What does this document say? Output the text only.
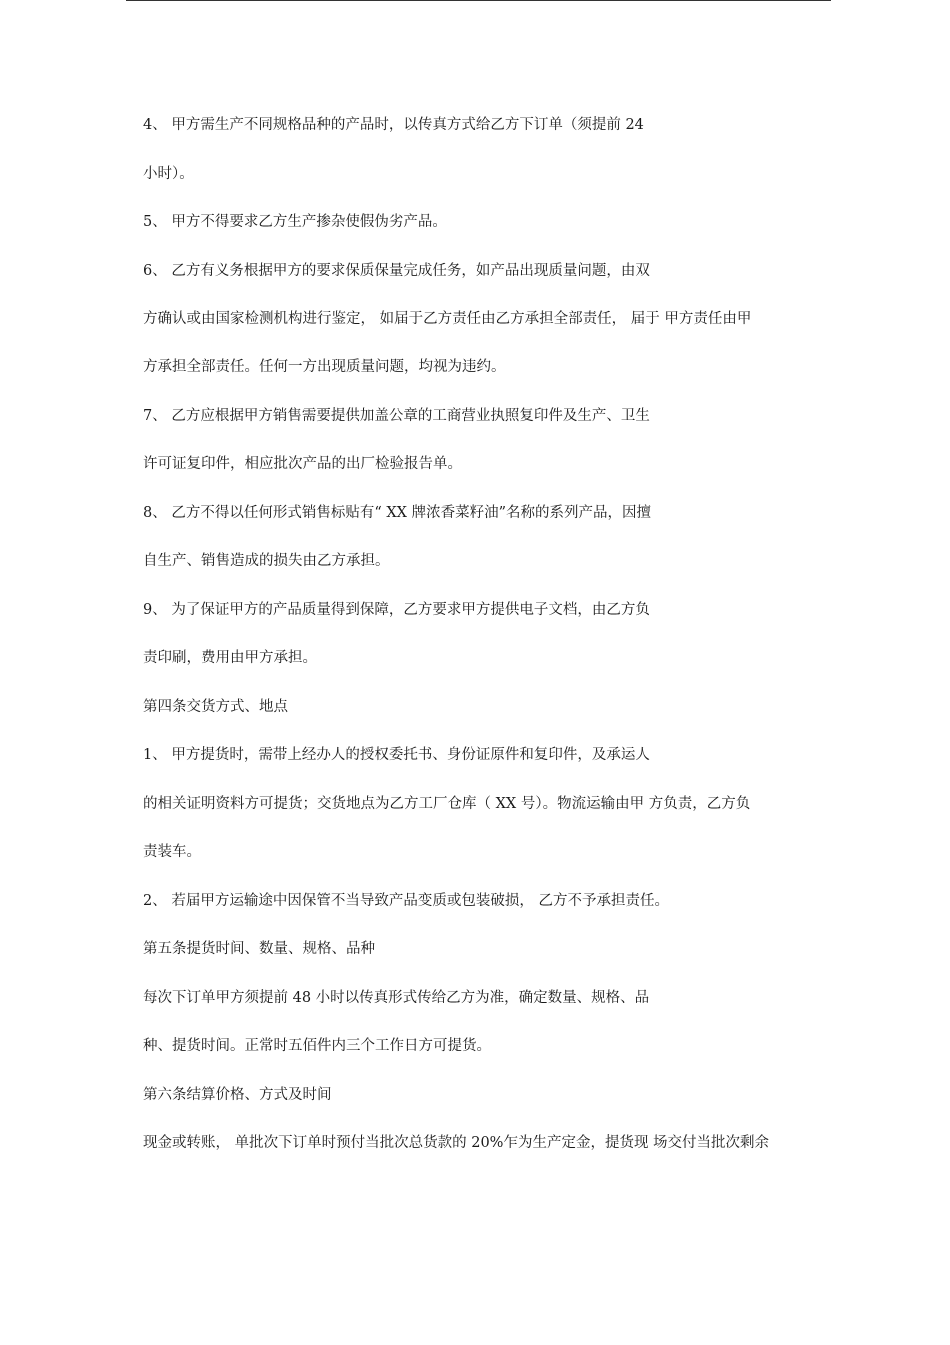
4、 甲方需生产不同规格品种的产品时，以传真方式给乙方下订单（须提前 24
小时）。
5、 甲方不得要求乙方生产掺杂使假伪劣产品。
6、 乙方有义务根据甲方的要求保质保量完成任务，如产品出现质量问题，由双
方确认或由国家检测机构进行鉴定， 如届于乙方责任由乙方承担全部责任， 届于 甲方责任由甲
方承担全部责任。任何一方出现质量问题，均视为违约。
7、 乙方应根据甲方销售需要提供加盖公章的工商营业执照复印件及生产、卫生
许可证复印件，相应批次产品的出厂检验报告单。
8、 乙方不得以任何形式销售标贴有“ XX 牌浓香菜籽油”名称的系列产品，因擅
自生产、销售造成的损失由乙方承担。
9、 为了保证甲方的产品质量得到保障，乙方要求甲方提供电子文档，由乙方负
责印刷，费用由甲方承担。
第四条交货方式、地点
1、 甲方提货时，需带上经办人的授权委托书、身份证原件和复印件，及承运人
的相关证明资料方可提货；交货地点为乙方工厂仓库（ XX 号）。物流运输由甲 方负责，乙方负
责装车。
2、 若届甲方运输途中因保管不当导致产品变质或包装破损， 乙方不予承担责任。
第五条提货时间、数量、规格、品种
每次下订单甲方须提前 48 小时以传真形式传给乙方为准，确定数量、规格、品
种、提货时间。正常时五佰件内三个工作日方可提货。
第六条结算价格、方式及时间
现金或转账， 单批次下订单时预付当批次总货款的 20%乍为生产定金，提货现 场交付当批次剩余
